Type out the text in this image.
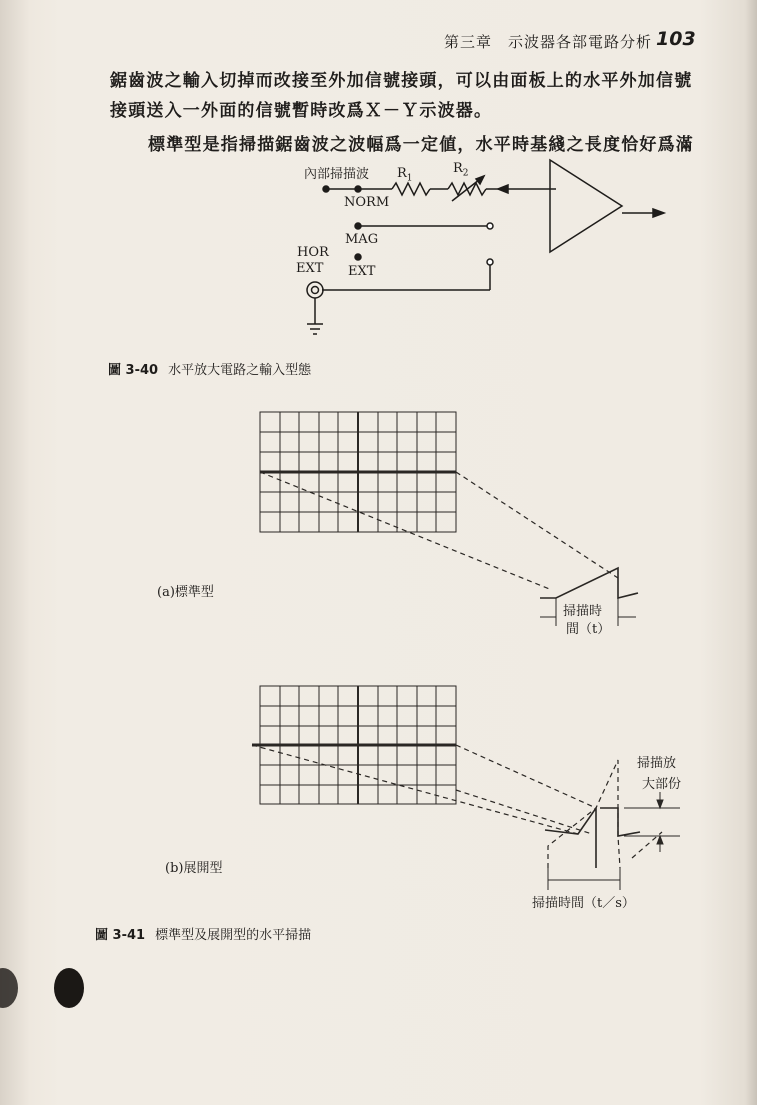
第三章　示波器各部電路分析 103
鋸齒波之輸入切掉而改接至外加信號接頭，可以由面板上的水平外加信號
接頭送入一外面的信號暫時改爲Ｘ－Ｙ示波器。
標準型是指掃描鋸齒波之波幅爲一定値，水平時基綫之長度恰好爲滿
內部掃描波 $R_1$
$R_2$
NORM
MAG
HOR
EXT EXT
圖 3-40 水平放大電路之輸入型態
(a)標準型
掃描時
間（t）
(b)展開型
掃描放
大部份
掃描時間（t／s）
圖 3-41 標準型及展開型的水平掃描
